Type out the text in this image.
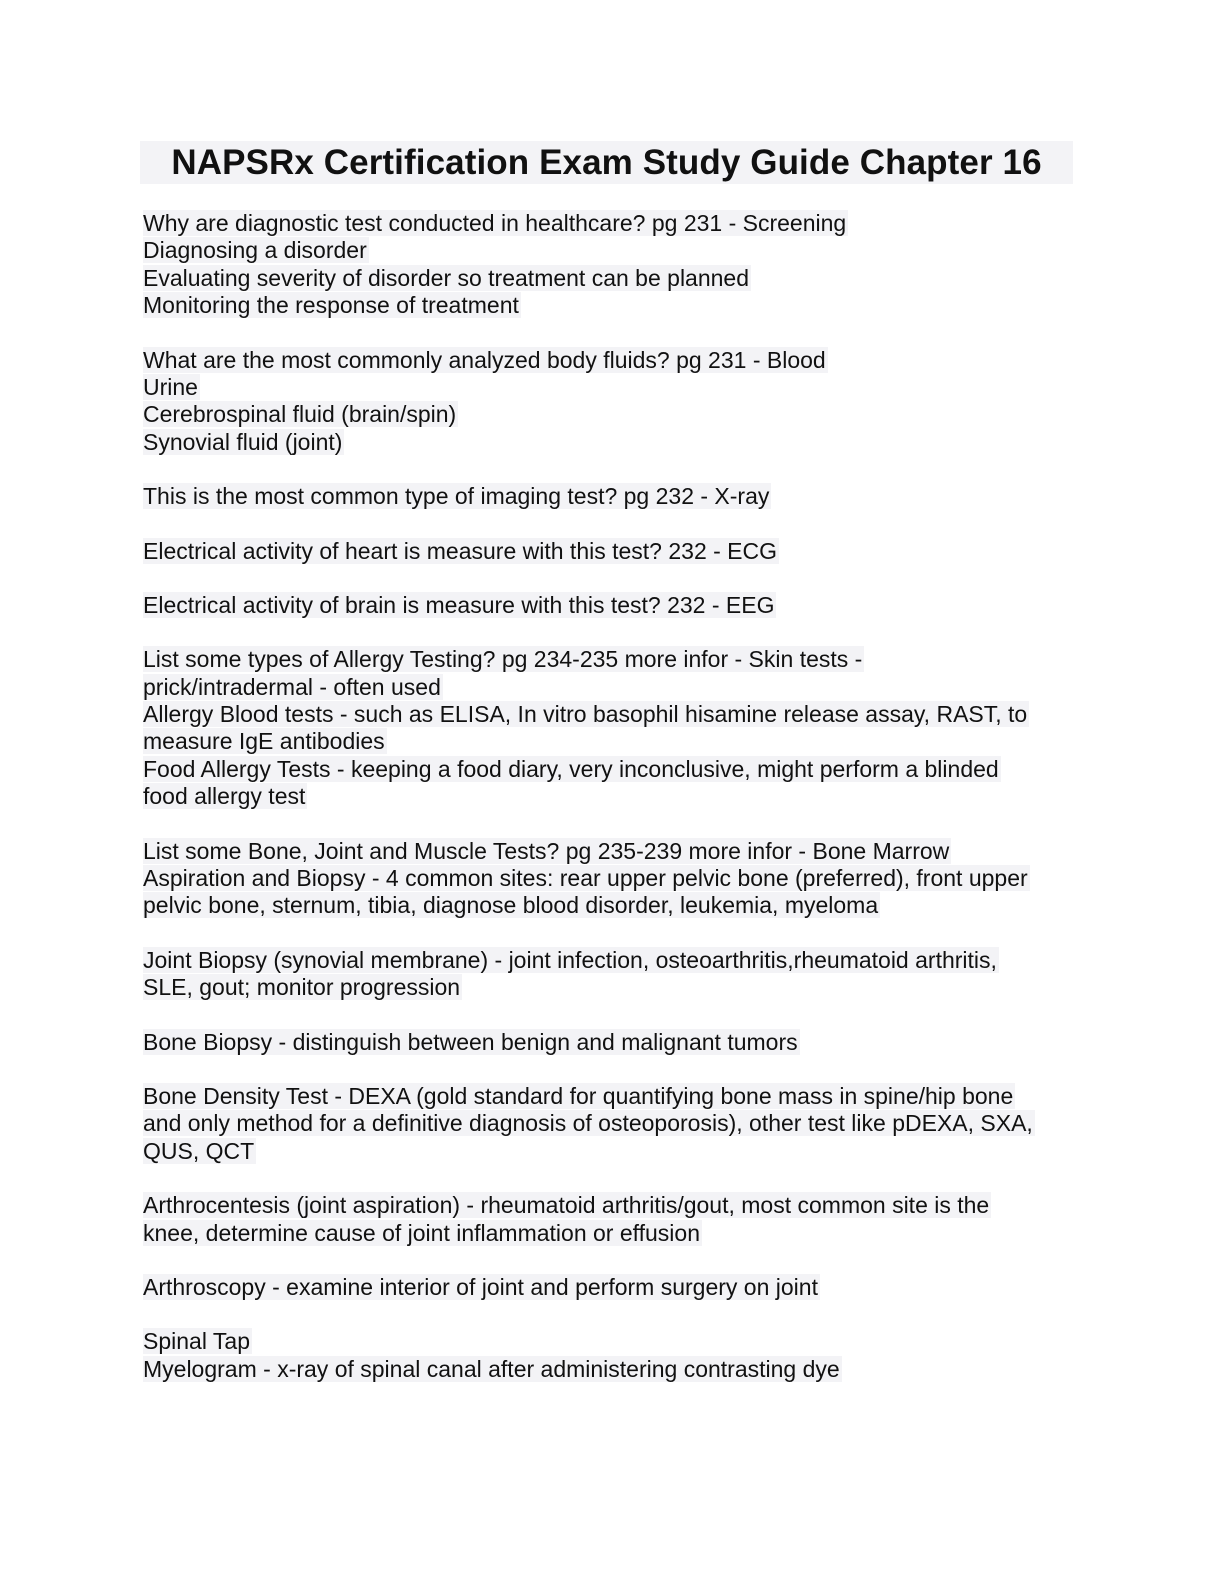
NAPSRx Certification Exam Study Guide Chapter 16
Why are diagnostic test conducted in healthcare? pg 231 - Screening
Diagnosing a disorder
Evaluating severity of disorder so treatment can be planned
Monitoring the response of treatment
What are the most commonly analyzed body fluids? pg 231 - Blood
Urine
Cerebrospinal fluid (brain/spin)
Synovial fluid (joint)
This is the most common type of imaging test? pg 232 - X-ray
Electrical activity of heart is measure with this test? 232 - ECG
Electrical activity of brain is measure with this test? 232 - EEG
List some types of Allergy Testing? pg 234-235 more infor - Skin tests -
prick/intradermal - often used
Allergy Blood tests - such as ELISA, In vitro basophil hisamine release assay, RAST, to
measure IgE antibodies
Food Allergy Tests - keeping a food diary, very inconclusive, might perform a blinded
food allergy test
List some Bone, Joint and Muscle Tests? pg 235-239 more infor - Bone Marrow
Aspiration and Biopsy - 4 common sites: rear upper pelvic bone (preferred), front upper
pelvic bone, sternum, tibia, diagnose blood disorder, leukemia, myeloma
Joint Biopsy (synovial membrane) - joint infection, osteoarthritis,rheumatoid arthritis,
SLE, gout; monitor progression
Bone Biopsy - distinguish between benign and malignant tumors
Bone Density Test - DEXA (gold standard for quantifying bone mass in spine/hip bone
and only method for a definitive diagnosis of osteoporosis), other test like pDEXA, SXA,
QUS, QCT
Arthrocentesis (joint aspiration) - rheumatoid arthritis/gout, most common site is the
knee, determine cause of joint inflammation or effusion
Arthroscopy - examine interior of joint and perform surgery on joint
Spinal Tap
Myelogram - x-ray of spinal canal after administering contrasting dye
